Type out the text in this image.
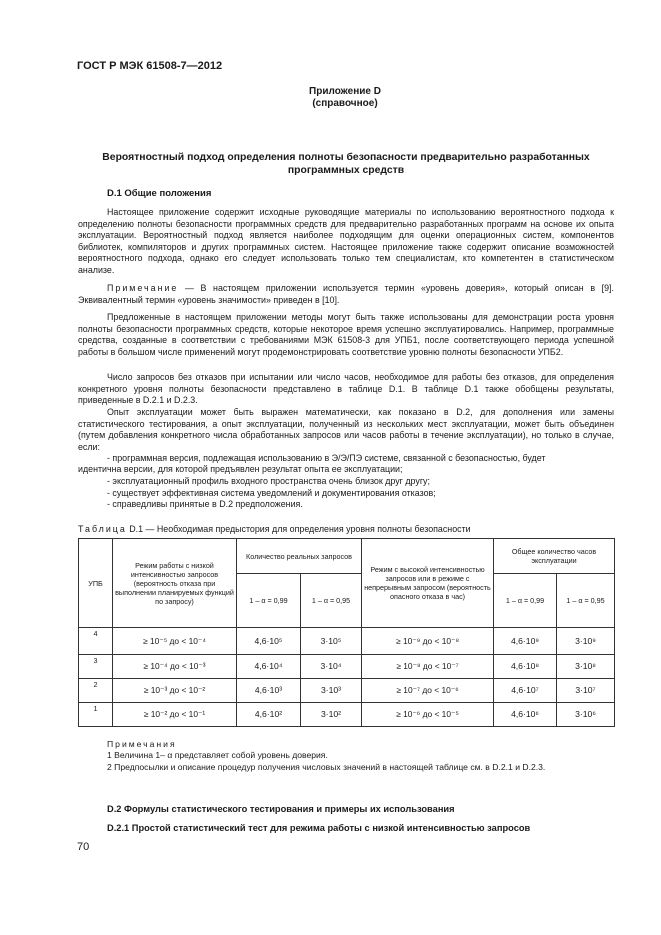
ГОСТ Р МЭК 61508-7—2012
Приложение D
(справочное)
Вероятностный подход определения полноты безопасности предварительно разработанных
программных средств
D.1 Общие положения

Настоящее приложение содержит исходные руководящие материалы по использованию вероятностного подхода к определению полноты безопасности программных средств для предварительно разработанных программ на основе их опыта эксплуатации. Вероятностный подход является наиболее подходящим для оценки операционных систем, компонентов библиотек, компиляторов и других программных систем. Настоящее приложение также содержит описание возможностей вероятностного подхода, однако его следует использовать только тем специалистам, кто компетентен в статистическом анализе.

Примечание — В настоящем приложении используется термин «уровень доверия», который описан в [9]. Эквивалентный термин «уровень значимости» приведен в [10].

Предложенные в настоящем приложении методы могут быть также использованы для демонстрации роста уровня полноты безопасности программных средств, которые некоторое время успешно эксплуатировались. Например, программные средства, созданные в соответствии с требованиями МЭК 61508-3 для УПБ1, после соответствующего периода успешной работы в большом числе применений могут продемонстрировать соответствие уровню полноты безопасности УПБ2.

Число запросов без отказов при испытании или число часов, необходимое для работы без отказов, для определения конкретного уровня полноты безопасности представлено в таблице D.1. В таблице D.1 также обобщены результаты, приведенные в D.2.1 и D.2.3.

Опыт эксплуатации может быть выражен математически, как показано в D.2, для дополнения или замены статистического тестирования, а опыт эксплуатации, полученный из нескольких мест эксплуатации, может быть объединен (путем добавления конкретного числа обработанных запросов или часов работы в течение эксплуатации), но только в случае, если:

- программная версия, подлежащая использованию в Э/Э/ПЭ системе, связанной с безопасностью, будет
идентична версии, для которой предъявлен результат опыта ее эксплуатации;
- эксплуатационный профиль входного пространства очень близок друг другу;
- существует эффективная система уведомлений и документирования отказов;
- справедливы принятые в D.2 предположения.
Таблица D.1 — Необходимая предыстория для определения уровня полноты безопасности
УПБ	Режим работы с низкой интенсивностью запросов (вероятность отказа при выполнении планируемых функций по запросу)	Количество реальных запросов		Режим с высокой интенсивностью запросов или в режиме с непрерывным запросом (вероятность опасного отказа в час)	Общее количество часов эксплуатации	
		1 – α = 0,99	1 – α = 0,95		1 – α = 0,99	1 – α = 0,95
4	≥ 10⁻⁵ до < 10⁻⁴	4,6·10⁵	3·10⁵	≥ 10⁻⁹ до < 10⁻⁸	4,6·10⁹	3·10⁹
3	≥ 10⁻⁴ до < 10⁻³	4,6·10⁴	3·10⁴	≥ 10⁻⁸ до < 10⁻⁷	4,6·10⁸	3·10⁸
2	≥ 10⁻³ до < 10⁻²	4,6·10³	3·10³	≥ 10⁻⁷ до < 10⁻⁶	4,6·10⁷	3·10⁷
1	≥ 10⁻² до < 10⁻¹	4,6·10²	3·10²	≥ 10⁻⁶ до < 10⁻⁵	4,6·10⁶	3·10⁶
Примечания
1 Величина 1– α представляет собой уровень доверия.
2 Предпосылки и описание процедур получения числовых значений в настоящей таблице см. в D.2.1 и D.2.3.
D.2 Формулы статистического тестирования и примеры их использования
D.2.1 Простой статистический тест для режима работы с низкой интенсивностью запросов
70
